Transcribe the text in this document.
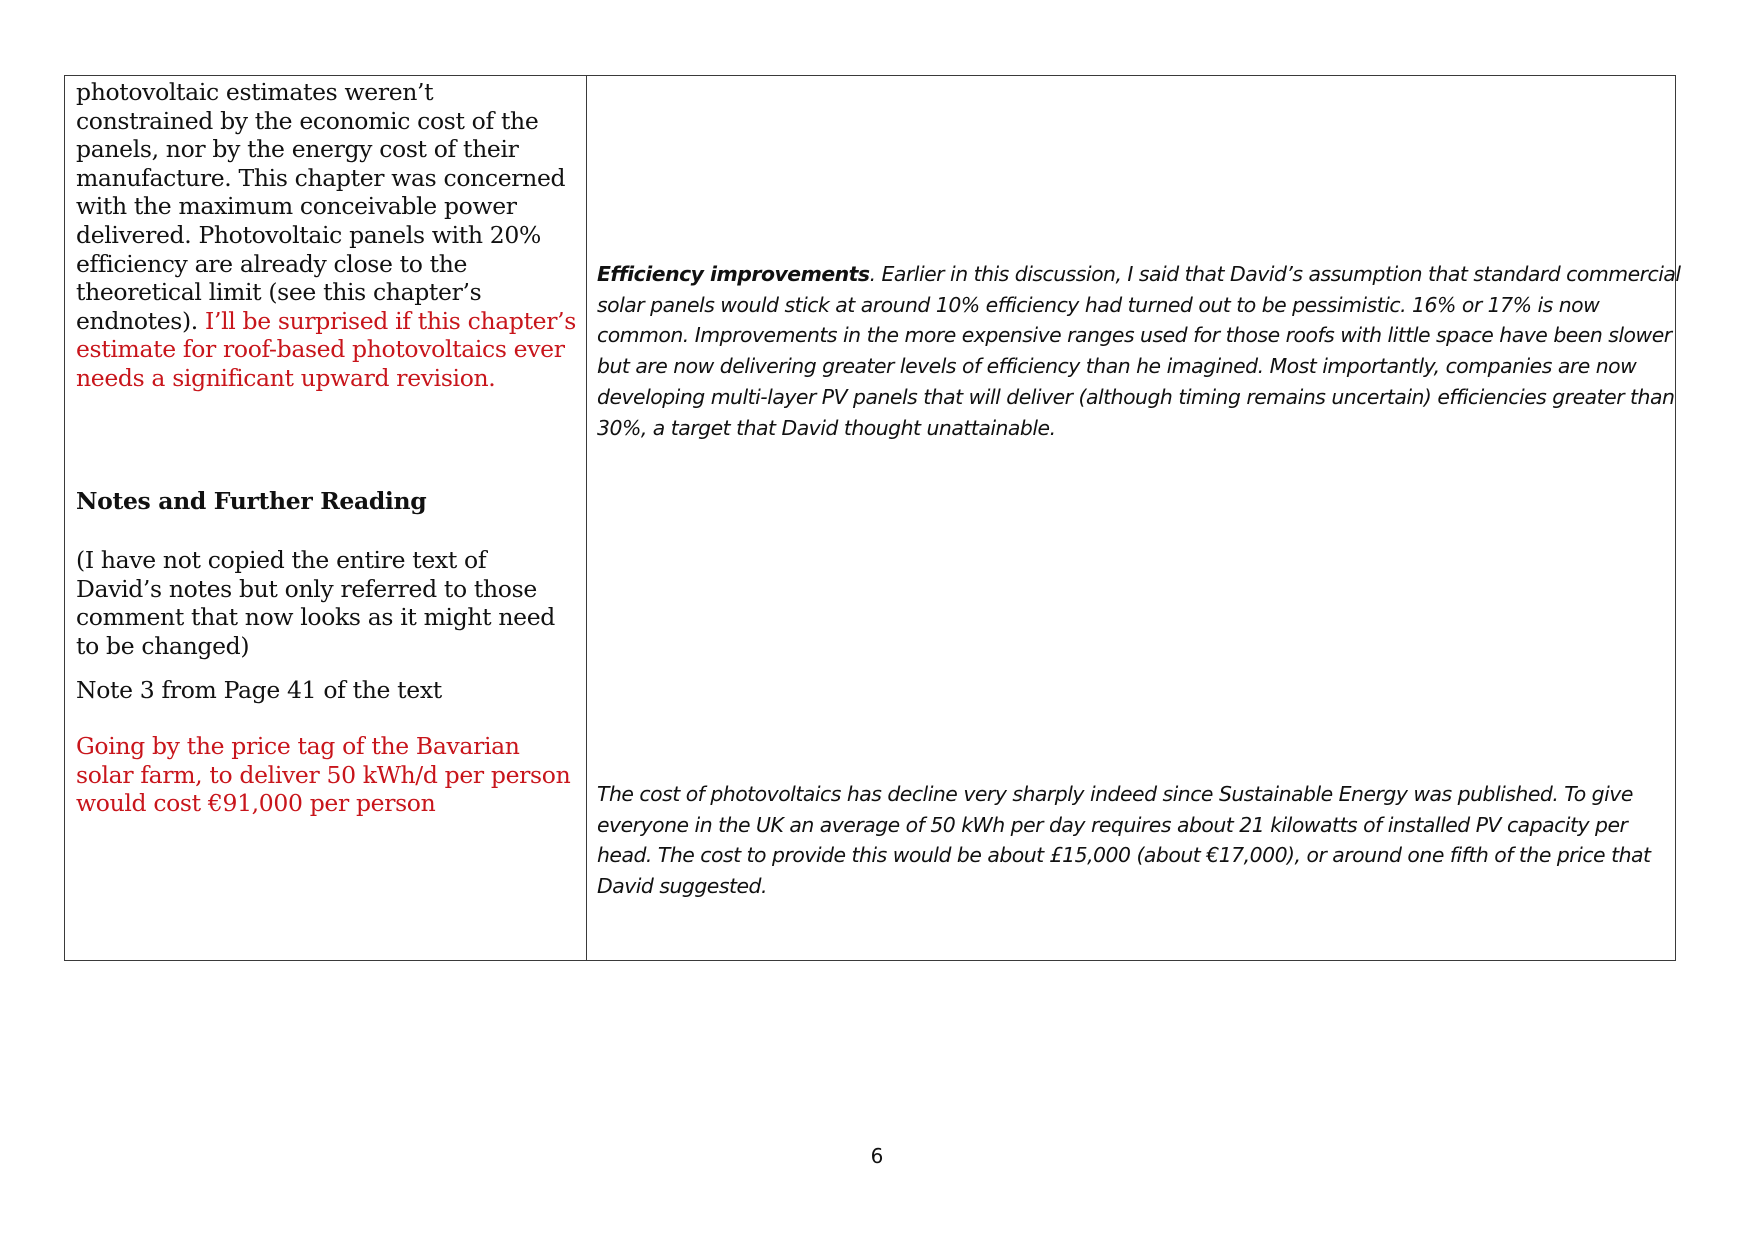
photovoltaic estimates weren’t constrained by the economic cost of the panels, nor by the energy cost of their manufacture. This chapter was concerned with the maximum conceivable power delivered. Photovoltaic panels with 20% efficiency are already close to the theoretical limit (see this chapter’s endnotes). I’ll be surprised if this chapter’s estimate for roof-based photovoltaics ever needs a significant upward revision.

Notes and Further Reading

(I have not copied the entire text of David’s notes but only referred to those comment that now looks as it might need to be changed)

Note 3 from Page 41 of the text

Going by the price tag of the Bavarian solar farm, to deliver 50 kWh/d per person would cost €91,000 per person

Efficiency improvements. Earlier in this discussion, I said that David’s assumption that standard commercial solar panels would stick at around 10% efficiency had turned out to be pessimistic. 16% or 17% is now common. Improvements in the more expensive ranges used for those roofs with little space have been slower but are now delivering greater levels of efficiency than he imagined. Most importantly, companies are now developing multi-layer PV panels that will deliver (although timing remains uncertain) efficiencies greater than 30%, a target that David thought unattainable.

The cost of photovoltaics has decline very sharply indeed since Sustainable Energy was published. To give everyone in the UK an average of 50 kWh per day requires about 21 kilowatts of installed PV capacity per head. The cost to provide this would be about £15,000 (about €17,000), or around one fifth of the price that David suggested.

6
